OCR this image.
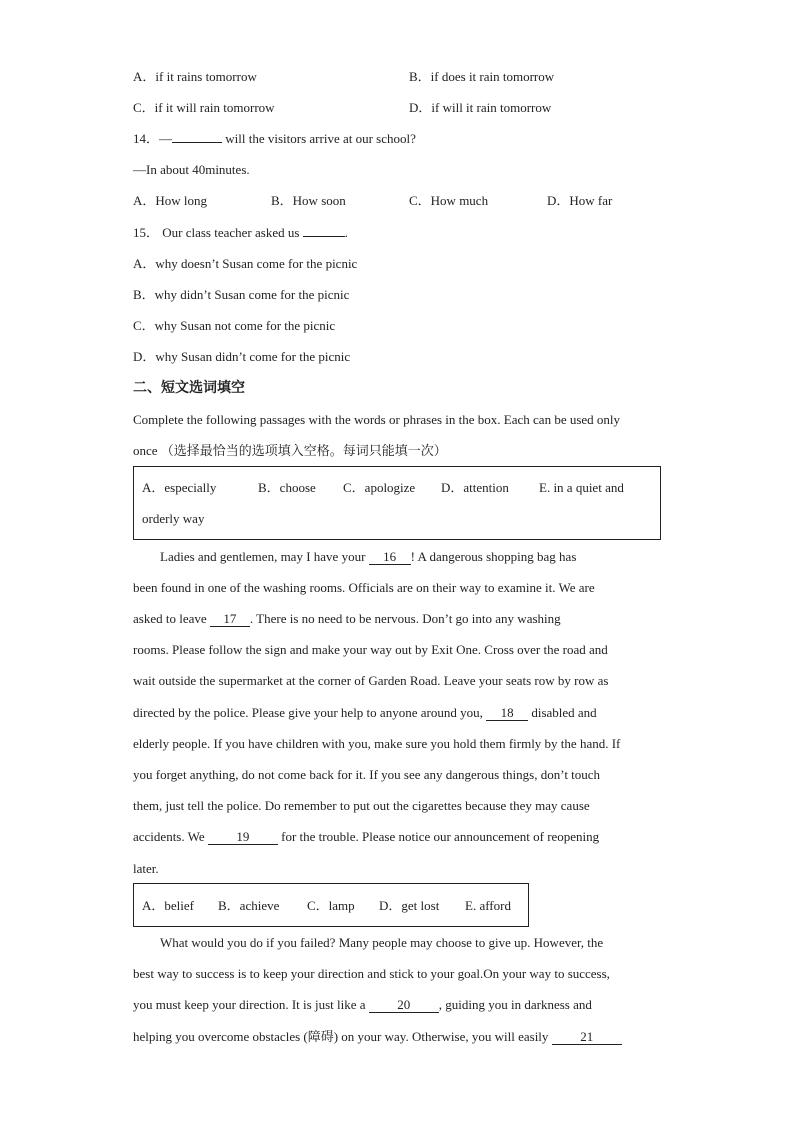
A．if it rains tomorrow	B．if does it rain tomorrow
C．if it will rain tomorrow	D．if will it rain tomorrow
14．—	will the visitors arrive at our school?
—In about 40minutes.
A．How long	B．How soon	C．How much	D．How far
15． Our class teacher asked us	.
A．why doesn’t Susan come for the picnic
B．why didn’t Susan come for the picnic
C．why Susan not come for the picnic
D．why Susan didn’t come for the picnic
二、短文选词填空
Complete the following passages with the words or phrases in the box. Each can be used only
once （选择最恰当的选项填入空格。每词只能填一次）
A．especially	B．choose C．apologize D．attention E. in a quiet and
orderly way
Ladies and gentlemen, may I have your 16 ! A dangerous shopping bag has
been found in one of the washing rooms. Officials are on their way to examine it. We are
asked to leave 17 . There is no need to be nervous. Don’t go into any washing
rooms. Please follow the sign and make your way out by Exit One. Cross over the road and
wait outside the supermarket at the corner of Garden Road. Leave your seats row by row as
directed by the police. Please give your help to anyone around you, 18 disabled and
elderly people. If you have children with you, make sure you hold them firmly by the hand. If
you forget anything, do not come back for it. If you see any dangerous things, don’t touch
them, just tell the police. Do remember to put out the cigarettes because they may cause
accidents. We 19 for the trouble. Please notice our announcement of reopening
later.
A．belief B．achieve C．lamp D．get lost E. afford
What would you do if you failed? Many people may choose to give up. However, the
best way to success is to keep your direction and stick to your goal.On your way to success,
you must keep your direction. It is just like a 20 , guiding you in darkness and
helping you overcome obstacles (障碍) on your way. Otherwise, you will easily 21
